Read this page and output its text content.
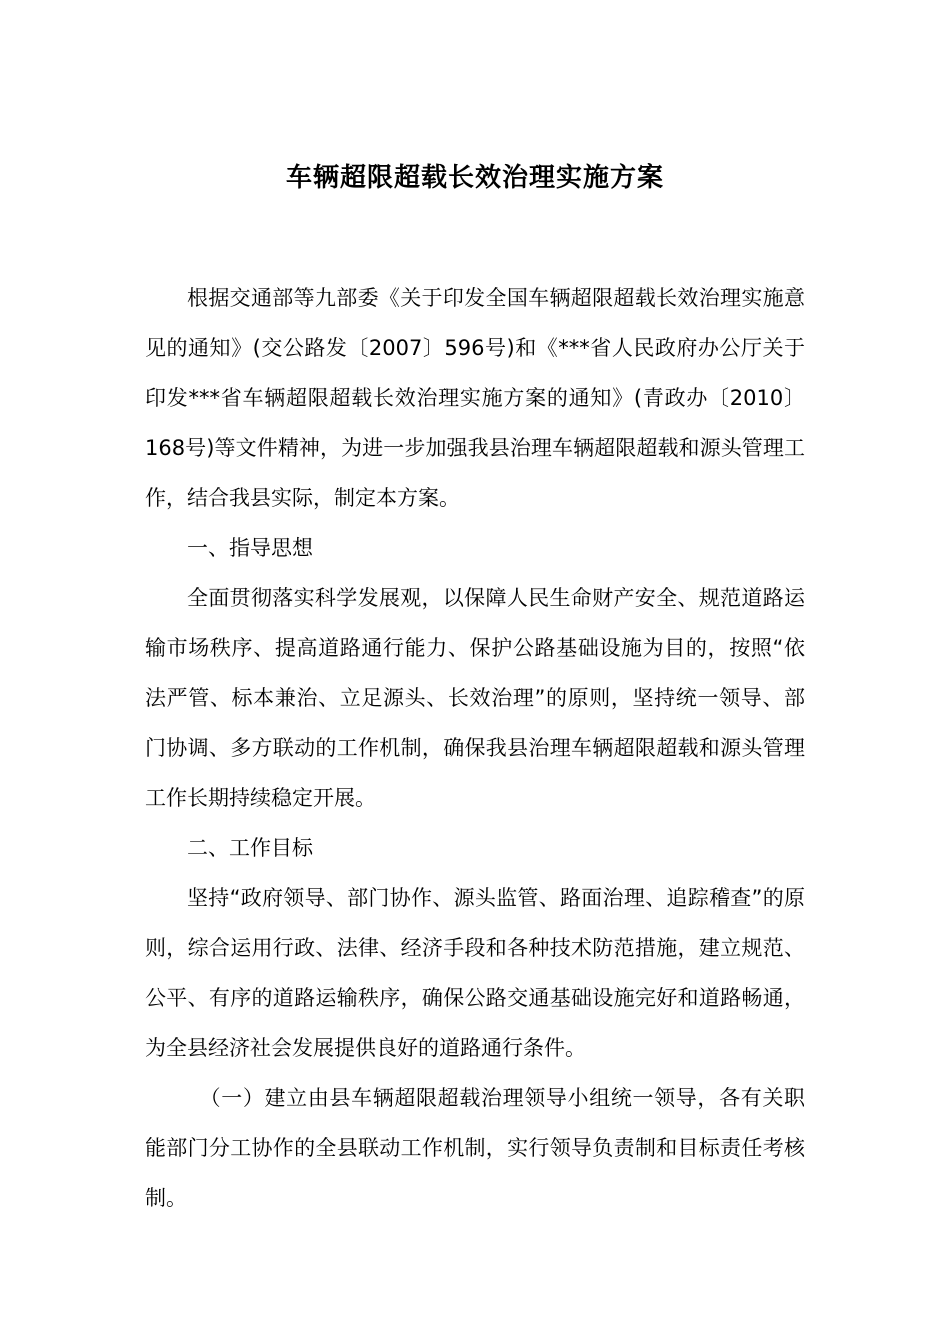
车辆超限超载长效治理实施方案

根据交通部等九部委《关于印发全国车辆超限超载长效治理实施意见的通知》(交公路发〔2007〕596号)和《***省人民政府办公厅关于印发***省车辆超限超载长效治理实施方案的通知》(青政办〔2010〕168号)等文件精神，为进一步加强我县治理车辆超限超载和源头管理工作，结合我县实际，制定本方案。

一、指导思想

全面贯彻落实科学发展观，以保障人民生命财产安全、规范道路运输市场秩序、提高道路通行能力、保护公路基础设施为目的，按照“依法严管、标本兼治、立足源头、长效治理”的原则，坚持统一领导、部门协调、多方联动的工作机制，确保我县治理车辆超限超载和源头管理工作长期持续稳定开展。

二、工作目标

坚持“政府领导、部门协作、源头监管、路面治理、追踪稽查”的原则，综合运用行政、法律、经济手段和各种技术防范措施，建立规范、公平、有序的道路运输秩序，确保公路交通基础设施完好和道路畅通，为全县经济社会发展提供良好的道路通行条件。

（一）建立由县车辆超限超载治理领导小组统一领导，各有关职能部门分工协作的全县联动工作机制，实行领导负责制和目标责任考核制。
